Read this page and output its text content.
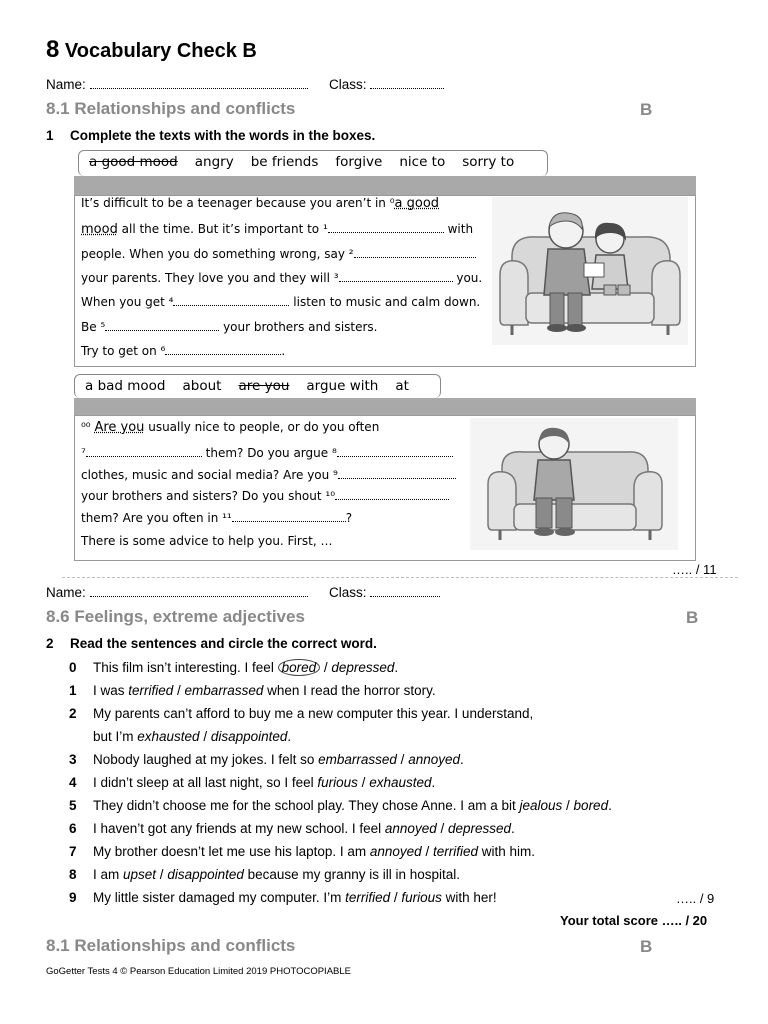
8 Vocabulary Check B
Name:	Class:
8.1 Relationships and conflicts	B
1 Complete the texts with the words in the boxes.
a good mood angry be friends forgive nice to sorry to
It’s difficult to be a teenager because you aren’t in ⁰a good
mood all the time. But it’s important to ¹	with
people. When you do something wrong, say ²
your parents. They love you and they will ³	you.
When you get ⁴	listen to music and calm down.
Be ⁵	your brothers and sisters.
Try to get on ⁶	.
a bad mood about are you argue with at
⁰⁰ Are you usually nice to people, or do you often
⁷	them? Do you argue ⁸
clothes, music and social media? Are you ⁹
your brothers and sisters? Do you shout ¹⁰
them? Are you often in ¹¹	?
There is some advice to help you. First, …
….. / 11
Name:	Class:
8.6 Feelings, extreme adjectives	B
2 Read the sentences and circle the correct word.
0 This film isn’t interesting. I feel bored / depressed.
1 I was terrified / embarrassed when I read the horror story.
2 My parents can’t afford to buy me a new computer this year. I understand,
but I’m exhausted / disappointed.
3 Nobody laughed at my jokes. I felt so embarrassed / annoyed.
4 I didn’t sleep at all last night, so I feel furious / exhausted.
5 They didn’t choose me for the school play. They chose Anne. I am a bit jealous / bored.
6 I haven’t got any friends at my new school. I feel annoyed / depressed.
7 My brother doesn’t let me use his laptop. I am annoyed / terrified with him.
8 I am upset / disappointed because my granny is ill in hospital.
9 My little sister damaged my computer. I’m terrified / furious with her!	….. / 9
Your total score ….. / 20
8.1 Relationships and conflicts	B
GoGetter Tests 4 © Pearson Education Limited 2019 PHOTOCOPIABLE
